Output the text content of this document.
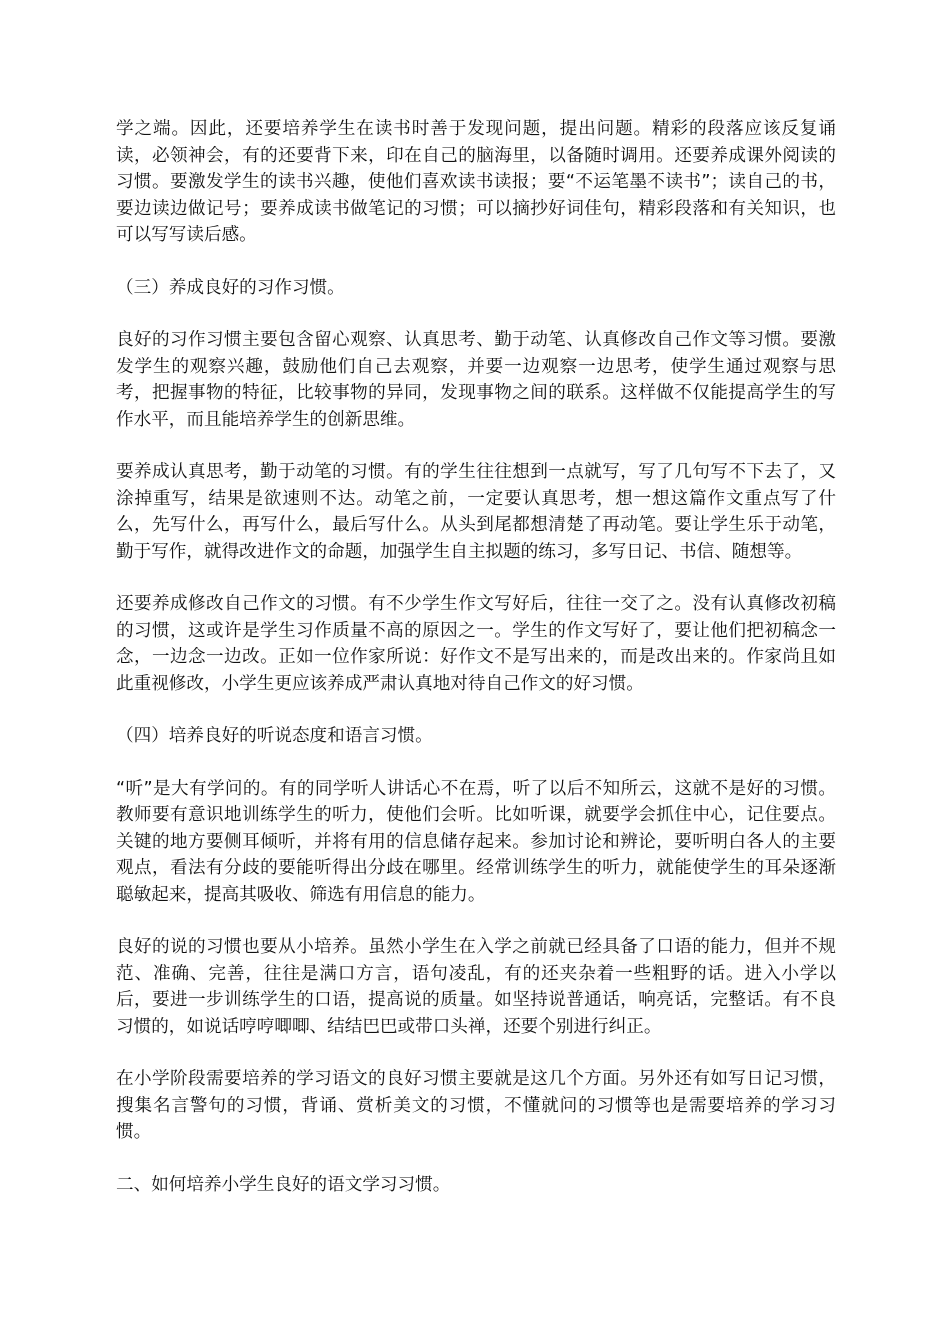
学之端。因此，还要培养学生在读书时善于发现问题，提出问题。精彩的段落应该反复诵读，必领神会，有的还要背下来，印在自己的脑海里，以备随时调用。还要养成课外阅读的习惯。要激发学生的读书兴趣，使他们喜欢读书读报；要“不运笔墨不读书”；读自己的书，要边读边做记号；要养成读书做笔记的习惯；可以摘抄好词佳句，精彩段落和有关知识，也可以写写读后感。

（三）养成良好的习作习惯。

良好的习作习惯主要包含留心观察、认真思考、勤于动笔、认真修改自己作文等习惯。要激发学生的观察兴趣，鼓励他们自己去观察，并要一边观察一边思考，使学生通过观察与思考，把握事物的特征，比较事物的异同，发现事物之间的联系。这样做不仅能提高学生的写作水平，而且能培养学生的创新思维。

要养成认真思考，勤于动笔的习惯。有的学生往往想到一点就写，写了几句写不下去了，又涂掉重写，结果是欲速则不达。动笔之前，一定要认真思考，想一想这篇作文重点写了什么，先写什么，再写什么，最后写什么。从头到尾都想清楚了再动笔。要让学生乐于动笔，勤于写作，就得改进作文的命题，加强学生自主拟题的练习，多写日记、书信、随想等。

还要养成修改自己作文的习惯。有不少学生作文写好后，往往一交了之。没有认真修改初稿的习惯，这或许是学生习作质量不高的原因之一。学生的作文写好了，要让他们把初稿念一念，一边念一边改。正如一位作家所说：好作文不是写出来的，而是改出来的。作家尚且如此重视修改，小学生更应该养成严肃认真地对待自己作文的好习惯。

（四）培养良好的听说态度和语言习惯。

“听”是大有学问的。有的同学听人讲话心不在焉，听了以后不知所云，这就不是好的习惯。教师要有意识地训练学生的听力，使他们会听。比如听课，就要学会抓住中心，记住要点。关键的地方要侧耳倾听，并将有用的信息储存起来。参加讨论和辨论，要听明白各人的主要观点，看法有分歧的要能听得出分歧在哪里。经常训练学生的听力，就能使学生的耳朵逐渐聪敏起来，提高其吸收、筛选有用信息的能力。

良好的说的习惯也要从小培养。虽然小学生在入学之前就已经具备了口语的能力，但并不规范、准确、完善，往往是满口方言，语句凌乱，有的还夹杂着一些粗野的话。进入小学以后，要进一步训练学生的口语，提高说的质量。如坚持说普通话，响亮话，完整话。有不良习惯的，如说话哼哼唧唧、结结巴巴或带口头禅，还要个别进行纠正。

在小学阶段需要培养的学习语文的良好习惯主要就是这几个方面。另外还有如写日记习惯，搜集名言警句的习惯，背诵、赏析美文的习惯，不懂就问的习惯等也是需要培养的学习习惯。

二、如何培养小学生良好的语文学习习惯。
